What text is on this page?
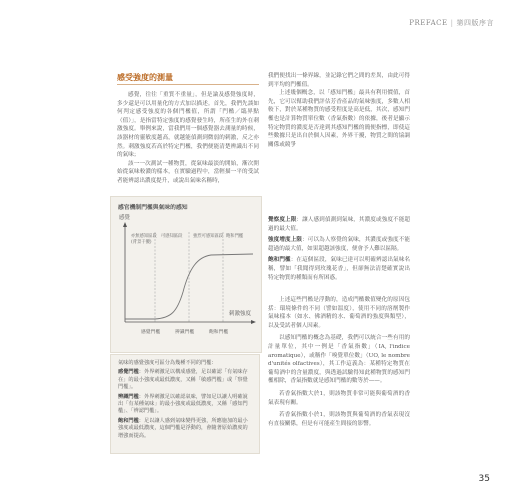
PREFACE | 第四版序言
感受強度的測量

感覺，往往「重質不重量」，但是論及感覺強度時，多少還是可以用量化的方式加以描述。首先，我們先談如何判定感受強度的各個門檻值，所謂「門檻／臨界點（值）」，是指當特定強度的感覺發生時，所產生的外在刺激強度。舉例來說，當我們用一個感覺器去測量的時候，該器材的靈敏度越高，就越能偵測到微弱的刺激，反之亦然。刺激強度若高於特定門檻，我們便能清楚辨識出不同的氣味；

該一一次測試一種物質，從氣味最淡的開始，漸次開始從氣味較濃的樣本，在實驗過程中，當輕描一平的受試者能辨認出濃度提升，或說出氣味名稱時，

我們便找出一條界線，並記錄它們之間的差異，由此可得到平均的門檻值。

上述幾個概念，以「感知門檻」最具有利用價值，首先，它可以幫助我們評估芳香產品的氣味強度，多數人相較下，對於某種物質的感受程度是高是低，其次，感知門檻也是計算物質單位數（香氣指數）的依據，後者是顯示特定物質的濃度是否達到其感知門檻的簡便指標，即使這些數據只是出自於個人因素，外界干擾，物質之間的協調關係或競爭

感官機制門檻與氣味的感知
感覺
刺激強度
亦無感知區段
(背景干擾)
可感知區段 強烈可感知區段 飽和門檻
感覺門檻	辨識門檻	飽和門檻

氣味的感覺強度可區分為幾種不同的門檻：

感覺門檻：外界刺激足以構成感覺，足以確認「有氣味存在」的最小強度或最低濃度，又稱「敏感門檻」或「察覺門檻」。

辨識門檻：外界刺激足以確認氣味，譬如足以讓人明確說出「有某種氣味」的最小強度或最低濃度，又稱「感知門檻」、「辨認門檻」。

飽和門檻：足以讓人感到氣味變得更強，所應施加的最小強度或最低濃度，這個門檻是浮動的，會隨著原始濃度的增強而提高。

覺察度上限：讓人感到偵測到氣味，其濃度或強度不能超過的最大值。

強度增度上限：可以為人察覺的氣味，其濃度或強度不能超過的最大值，如果超越該強度，便會予人難以區隔。

飽和門檻：在這個區段，氣味已達可以明確辨認出氣味名稱，譬如「我聞得到玫瑰花香」，但卻無法清楚確實說出特定物質的種類而有所困惑。

上述這些門檻是浮動的，造成門檻數值變化的原因包括：環境條件的不同（譬如溫度），使用不同的溶劑製作氣味樣本（如水、佛酒精的水、葡萄酒的強度與類型），以及受試者個人因素。

以感知門檻的概念為基礎，我們可以統合一些有用的計量單位，其中一例是「香氣指數」（IA, l'indice aromatique），或稱作「嗅覺單位數」（UO, le nombre d'unités olfactives），其工作這義為：某種特定物質在葡萄酒中的含量濃度，與透過試驗得知此種物質的感知門檻相除，香氣指數就是感知門檻的數等於——。

若香氣指數大於1，則該物質非常可能與葡萄酒的香氣表現有關。

若香氣指數小於1，則該物質與葡萄酒的香氣表現沒有直接關係，但是有可能產生間接的影響。

35
